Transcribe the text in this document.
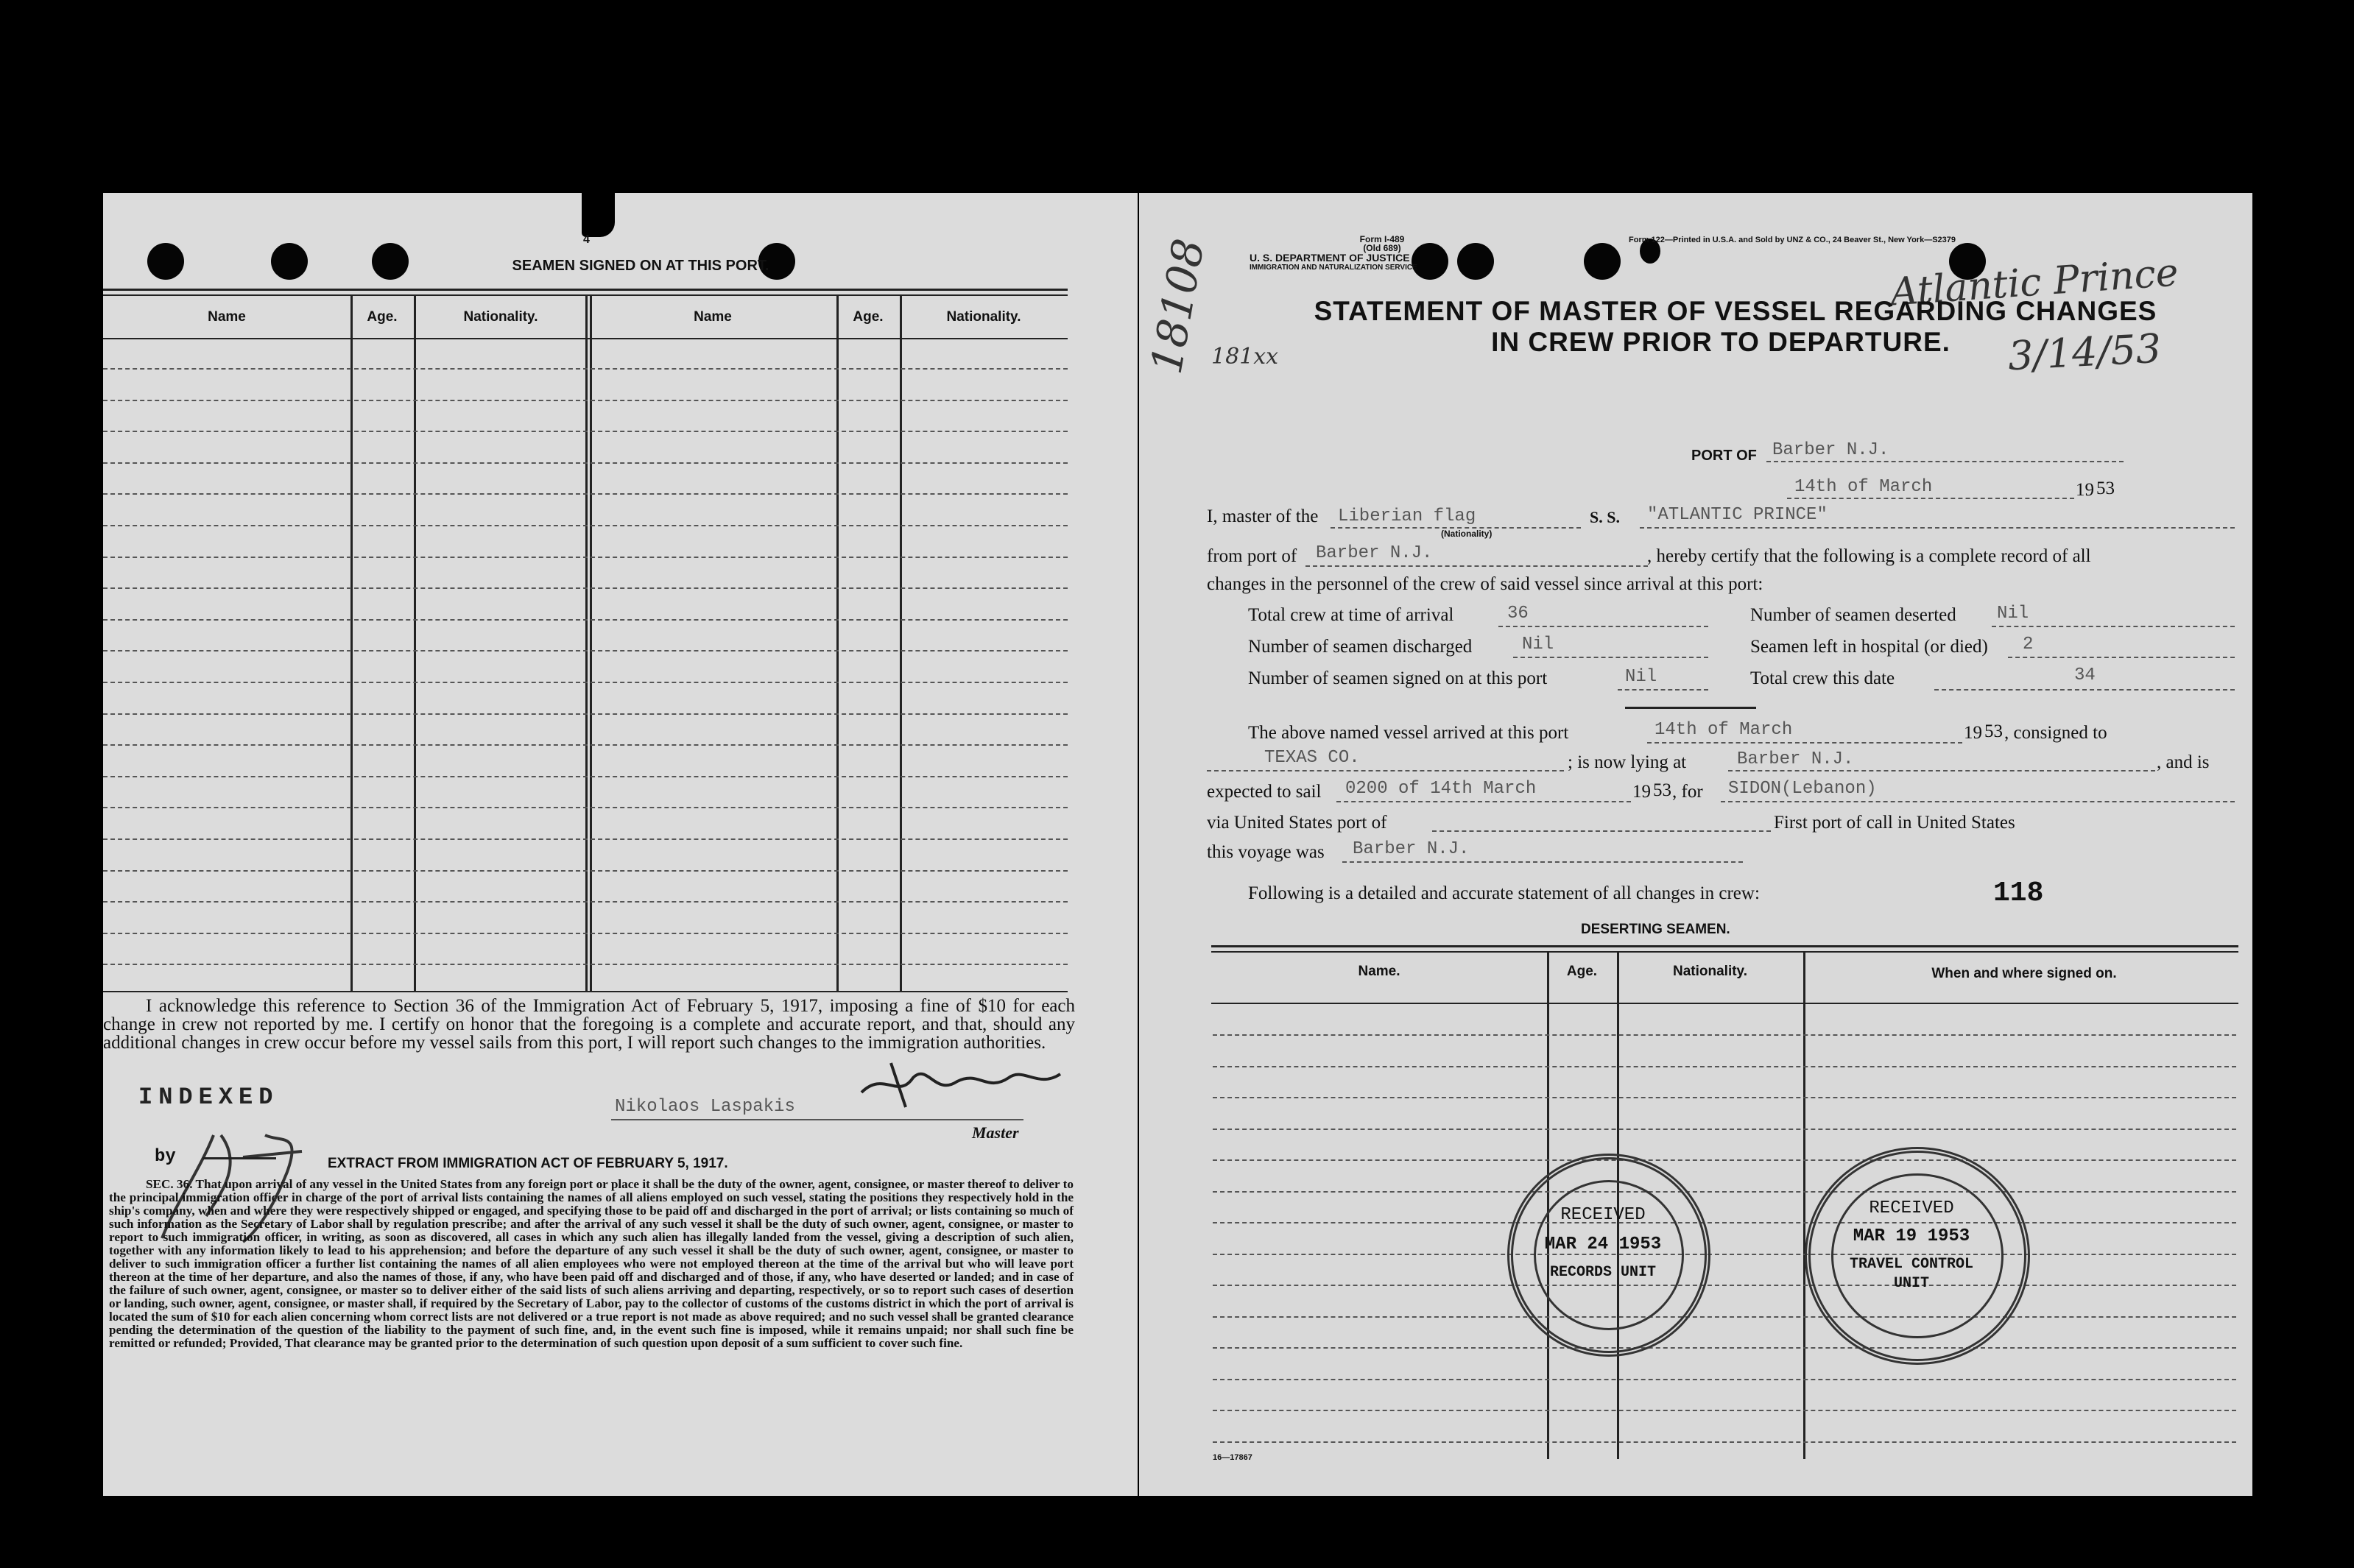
4
SEAMEN SIGNED ON AT THIS PORT.
Name	Age.	Nationality.	Name	Age.	Nationality.
I acknowledge this reference to Section 36 of the Immigration Act of February 5, 1917, imposing a fine of $10 for each change in crew not reported by me. I certify on honor that the foregoing is a complete and accurate report, and that, should any additional changes in crew occur before my vessel sails from this port, I will report such changes to the immigration authorities.
INDEXED
by
Nikolaos Laspakis
Master
EXTRACT FROM IMMIGRATION ACT OF FEBRUARY 5, 1917.
SEC. 36. That upon arrival of any vessel in the United States from any foreign port or place it shall be the duty of the owner, agent, consignee, or master thereof to deliver to the principal immigration officer in charge of the port of arrival lists containing the names of all aliens employed on such vessel, stating the positions they respectively hold in the ship's company, when and where they were respectively shipped or engaged, and specifying those to be paid off and discharged in the port of arrival; or lists containing so much of such information as the Secretary of Labor shall by regulation prescribe; and after the arrival of any such vessel it shall be the duty of such owner, agent, consignee, or master to report to such immigration officer, in writing, as soon as discovered, all cases in which any such alien has illegally landed from the vessel, giving a description of such alien, together with any information likely to lead to his apprehension; and before the departure of any such vessel it shall be the duty of such owner, agent, consignee, or master to deliver to such immigration officer a further list containing the names of all alien employees who were not employed thereon at the time of the arrival but who will leave port thereon at the time of her departure, and also the names of those, if any, who have been paid off and discharged and of those, if any, who have deserted or landed; and in case of the failure of such owner, agent, consignee, or master so to deliver either of the said lists of such aliens arriving and departing, respectively, or so to report such cases of desertion or landing, such owner, agent, consignee, or master shall, if required by the Secretary of Labor, pay to the collector of customs of the customs district in which the port of arrival is located the sum of $10 for each alien concerning whom correct lists are not delivered or a true report is not made as above required; and no such vessel shall be granted clearance pending the determination of the question of the liability to the payment of such fine, and, in the event such fine is imposed, while it remains unpaid; nor shall such fine be remitted or refunded; Provided, That clearance may be granted prior to the determination of such question upon deposit of a sum sufficient to cover such fine.
Form I-489
(Old 689)
U. S. DEPARTMENT OF JUSTICE
IMMIGRATION AND NATURALIZATION SERVICE
Form 122—Printed in U.S.A. and Sold by UNZ & CO., 24 Beaver St., New York—S2379
Atlantic Prince
3/14/53
18108
181xx
STATEMENT OF MASTER OF VESSEL REGARDING CHANGES
IN CREW PRIOR TO DEPARTURE.
PORT OF Barber N.J.
14th of March	19 53
I, master of the Liberian flag
(Nationality)
S. S. "ATLANTIC PRINCE"
from port of Barber N.J.	, hereby certify that the following is a complete record of all
changes in the personnel of the crew of said vessel since arrival at this port:
Total crew at time of arrival	36	Number of seamen deserted Nil
Number of seamen discharged	Nil	Seamen left in hospital (or died) 2
Number of seamen signed on at this port	Nil	Total crew this date	34
The above named vessel arrived at this port	14th of March	19 53 , consigned to
TEXAS CO.	; is now lying at	Barber N.J.	, and is
expected to sail 0200 of 14th March	19 53 , for SIDON(Lebanon)
via United States port of	First port of call in United States
this voyage was Barber N.J.
Following is a detailed and accurate statement of all changes in crew:	118
DESERTING SEAMEN.
Name.	Age.	Nationality.	When and where signed on.
RECEIVED
MAR 24 1953
RECORDS UNIT
RECEIVED
MAR 19 1953
TRAVEL CONTROL
UNIT
16—17867
